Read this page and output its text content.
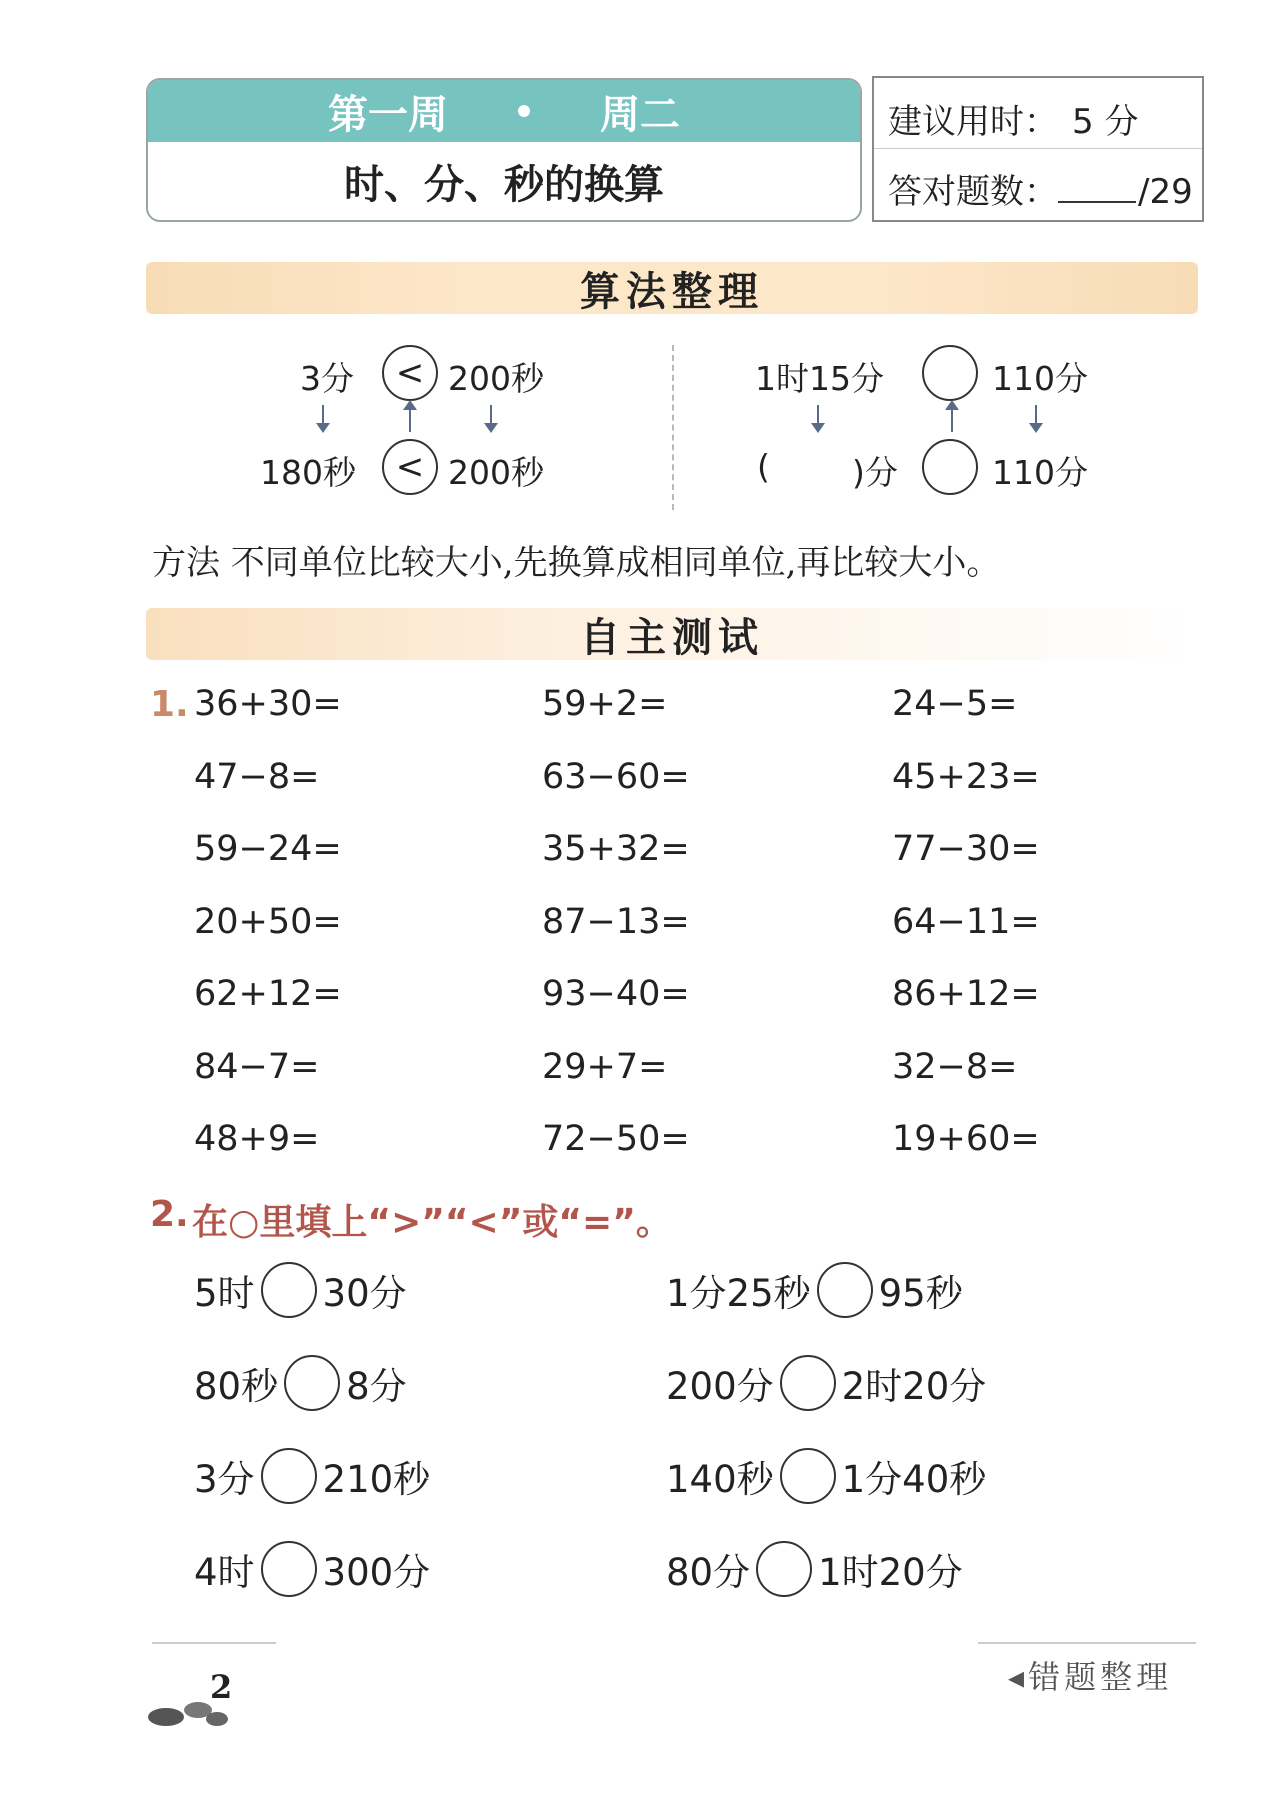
第一周	周二
时、分、秒的换算
建议用时： 5 分
答对题数： /29
算法整理
3分 < 200秒
180秒 < 200秒
1时15分	110分
( )分	110分
方法 不同单位比较大小,先换算成相同单位,再比较大小。
自主测试
1. 36+30=	59+2=	24−5=
47−8=	63−60=	45+23=
59−24=	35+32=	77−30=
20+50=	87−13=	64−11=
62+12=	93−40=	86+12=
84−7=	29+7=	32−8=
48+9=	72−50=	19+60=
2. 在○里填上“>”“<”或“=”。
5时 30分	1分25秒 95秒
80秒 8分	200分 2时20分
3分 210秒	140秒 1分40秒
4时 300分	80分 1时20分
2	◂错题整理
